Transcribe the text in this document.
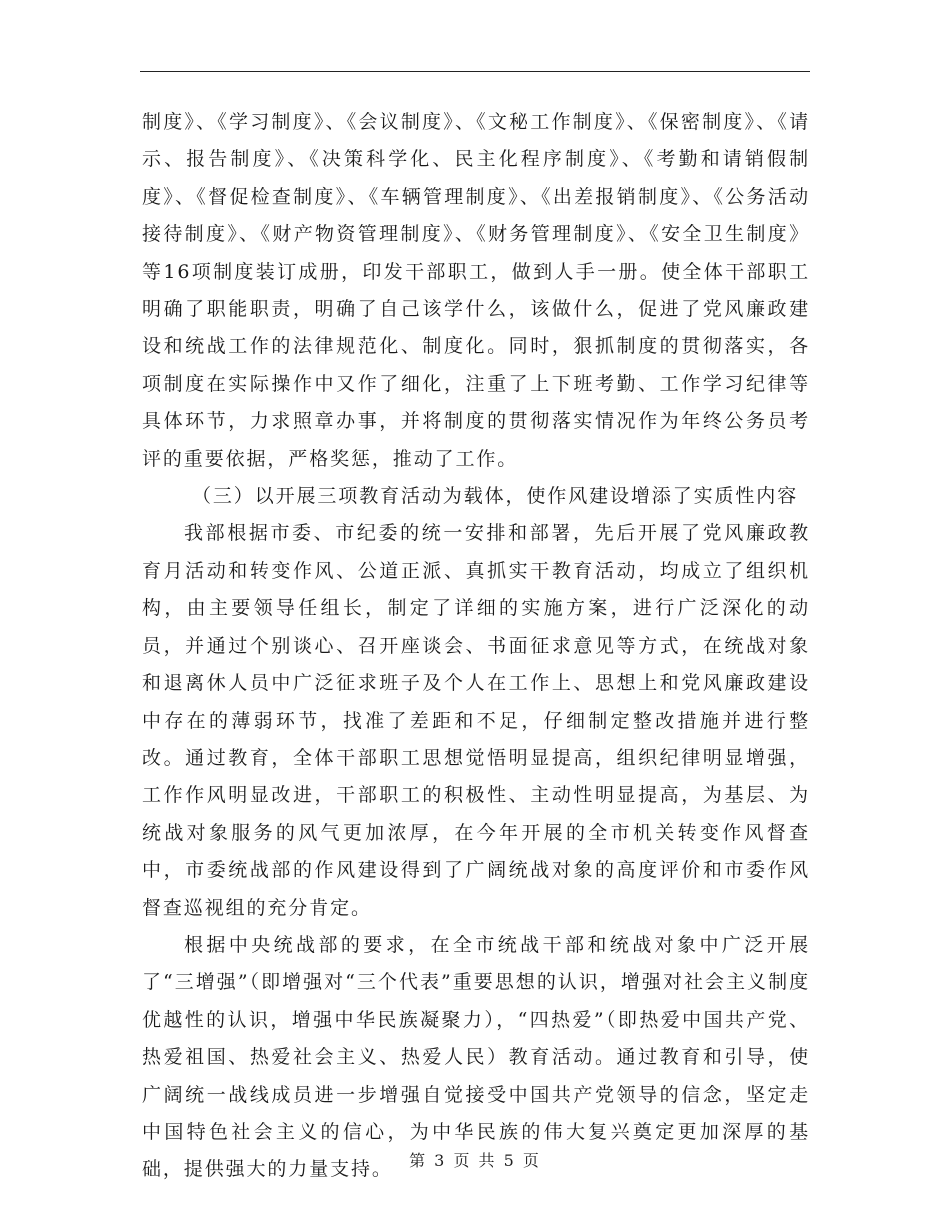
制度》、《学习制度》、《会议制度》、《文秘工作制度》、《保密制度》、《请示、报告制度》、《决策科学化、民主化程序制度》、《考勤和请销假制度》、《督促检查制度》、《车辆管理制度》、《出差报销制度》、《公务活动接待制度》、《财产物资管理制度》、《财务管理制度》、《安全卫生制度》等16项制度装订成册，印发干部职工，做到人手一册。使全体干部职工明确了职能职责，明确了自己该学什么，该做什么，促进了党风廉政建设和统战工作的法律规范化、制度化。同时，狠抓制度的贯彻落实，各项制度在实际操作中又作了细化，注重了上下班考勤、工作学习纪律等具体环节，力求照章办事，并将制度的贯彻落实情况作为年终公务员考评的重要依据，严格奖惩，推动了工作。

（三）以开展三项教育活动为载体，使作风建设增添了实质性内容

我部根据市委、市纪委的统一安排和部署，先后开展了党风廉政教育月活动和转变作风、公道正派、真抓实干教育活动，均成立了组织机构，由主要领导任组长，制定了详细的实施方案，进行广泛深化的动员，并通过个别谈心、召开座谈会、书面征求意见等方式，在统战对象和退离休人员中广泛征求班子及个人在工作上、思想上和党风廉政建设中存在的薄弱环节，找准了差距和不足，仔细制定整改措施并进行整改。通过教育，全体干部职工思想觉悟明显提高，组织纪律明显增强，工作作风明显改进，干部职工的积极性、主动性明显提高，为基层、为统战对象服务的风气更加浓厚，在今年开展的全市机关转变作风督查中，市委统战部的作风建设得到了广阔统战对象的高度评价和市委作风督查巡视组的充分肯定。

根据中央统战部的要求，在全市统战干部和统战对象中广泛开展了“三增强”（即增强对“三个代表”重要思想的认识，增强对社会主义制度优越性的认识，增强中华民族凝聚力），“四热爱”（即热爱中国共产党、热爱祖国、热爱社会主义、热爱人民）教育活动。通过教育和引导，使广阔统一战线成员进一步增强自觉接受中国共产党领导的信念，坚定走中国特色社会主义的信心，为中华民族的伟大复兴奠定更加深厚的基础，提供强大的力量支持。	第 3 页 共 5 页
